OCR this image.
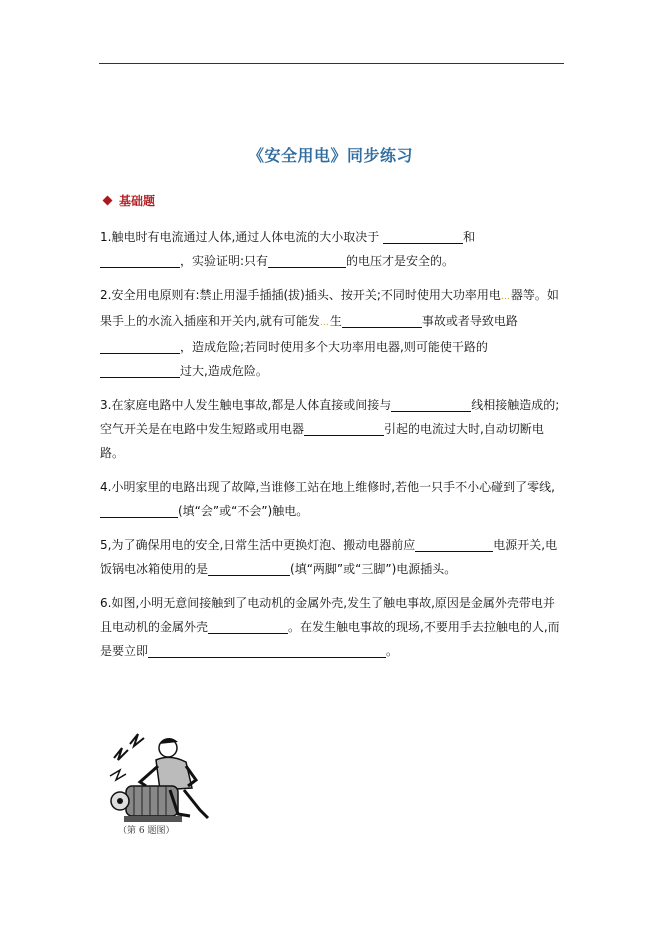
《安全用电》同步练习
基础题

1.触电时有电流通过人体,通过人体电流的大小取决于	和
，实验证明:只有	的电压才是安全的。

2.安全用电原则有:禁止用湿手插插(拔)插头、按开关;不同时使用大功率用电…器等。如果手上的水流入插座和开关内,就有可能发…生	事故或者导致电路，造成危险;若同时使用多个大功率用电器,则可能使干路的过大,造成危险。

3.在家庭电路中人发生触电事故,都是人体直接或间接与	线相接触造成的;空气开关是在电路中发生短路或用电器	引起的电流过大时,自动切断电路。

4.小明家里的电路出现了故障,当谁修工站在地上维修时,若他一只手不小心碰到了零线,(填“会”或“不会”)触电。

5,为了确保用电的安全,日常生活中更换灯泡、搬动电器前应	电源开关,电饭锅电冰箱使用的是	(填“两脚”或“三脚”)电源插头。

6.如图,小明无意间接触到了电动机的金属外壳,发生了触电事故,原因是金属外壳带电并且电动机的金属外壳	。在发生触电事故的现场,不要用手去拉触电的人,而是要立即	。

（第 6 题图）
